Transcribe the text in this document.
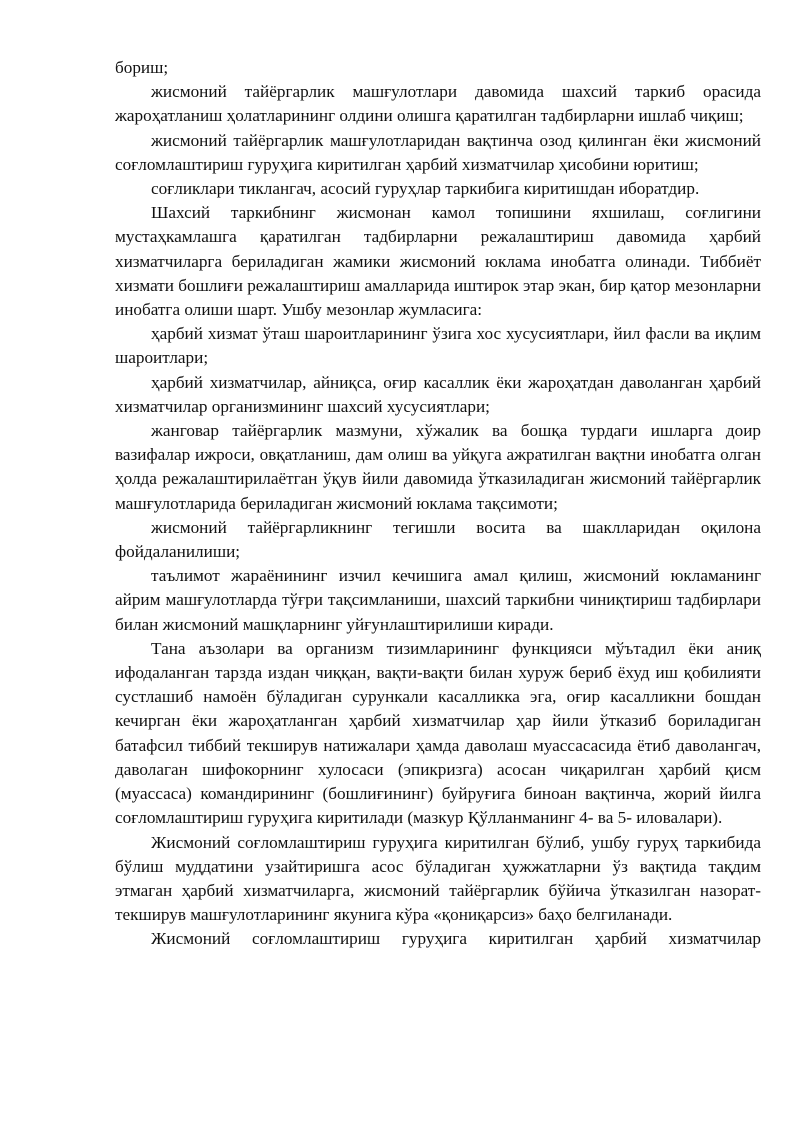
бориш;

жисмоний тайёргарлик машғулотлари давомида шахсий таркиб орасида жароҳатланиш ҳолатларининг олдини олишга қаратилган тадбирларни ишлаб чиқиш;

жисмоний тайёргарлик машғулотларидан вақтинча озод қилинган ёки жисмоний соғломлаштириш гуруҳига киритилган ҳарбий хизматчилар ҳисобини юритиш;

соғликлари тиклангач, асосий гуруҳлар таркибига киритишдан иборатдир.

Шахсий таркибнинг жисмонан камол топишини яхшилаш, соғлигини мустаҳкамлашга қаратилган тадбирларни режалаштириш давомида ҳарбий хизматчиларга бериладиган жамики жисмоний юклама инобатга олинади. Тиббиёт хизмати бошлиғи режалаштириш амалларида иштирок этар экан, бир қатор мезонларни инобатга олиши шарт. Ушбу мезонлар жумласига:

ҳарбий хизмат ўташ шароитларининг ўзига хос хусусиятлари, йил фасли ва иқлим шароитлари;

ҳарбий хизматчилар, айниқса, оғир касаллик ёки жароҳатдан даволанган ҳарбий хизматчилар организмининг шахсий хусусиятлари;

жанговар тайёргарлик мазмуни, хўжалик ва бошқа турдаги ишларга доир вазифалар ижроси, овқатланиш, дам олиш ва уйқуга ажратилган вақтни инобатга олган ҳолда режалаштирилаётган ўқув йили давомида ўтказиладиган жисмоний тайёргарлик машғулотларида бериладиган жисмоний юклама тақсимоти;

жисмоний тайёргарликнинг тегишли восита ва шаклларидан оқилона фойдаланилиши;

таълимот жараёнининг изчил кечишига амал қилиш, жисмоний юкламанинг айрим машғулотларда тўғри тақсимланиши, шахсий таркибни чиниқтириш тадбирлари билан жисмоний машқларнинг уйғунлаштирилиши киради.

Тана аъзолари ва организм тизимларининг функцияси мўътадил ёки аниқ ифодаланган тарзда издан чиққан, вақти-вақти билан хуруж бериб ёхуд иш қобилияти сустлашиб намоён бўладиган сурункали касалликка эга, оғир касалликни бошдан кечирган ёки жароҳатланган ҳарбий хизматчилар ҳар йили ўтказиб бориладиган батафсил тиббий текширув натижалари ҳамда даволаш муассасасида ётиб даволангач, даволаган шифокорнинг хулосаси (эпикризга) асосан чиқарилган ҳарбий қисм (муассаса) командирининг (бошлиғининг) буйруғига биноан вақтинча, жорий йилга соғломлаштириш гуруҳига киритилади (мазкур Қўлланманинг 4- ва 5- иловалари).

Жисмоний соғломлаштириш гуруҳига киритилган бўлиб, ушбу гуруҳ таркибида бўлиш муддатини узайтиришга асос бўладиган ҳужжатларни ўз вақтида тақдим этмаган ҳарбий хизматчиларга, жисмоний тайёргарлик бўйича ўтказилган назорат-текширув машғулотларининг якунига кўра «қониқарсиз» баҳо белгиланади.

Жисмоний соғломлаштириш гуруҳига киритилган ҳарбий хизматчилар
